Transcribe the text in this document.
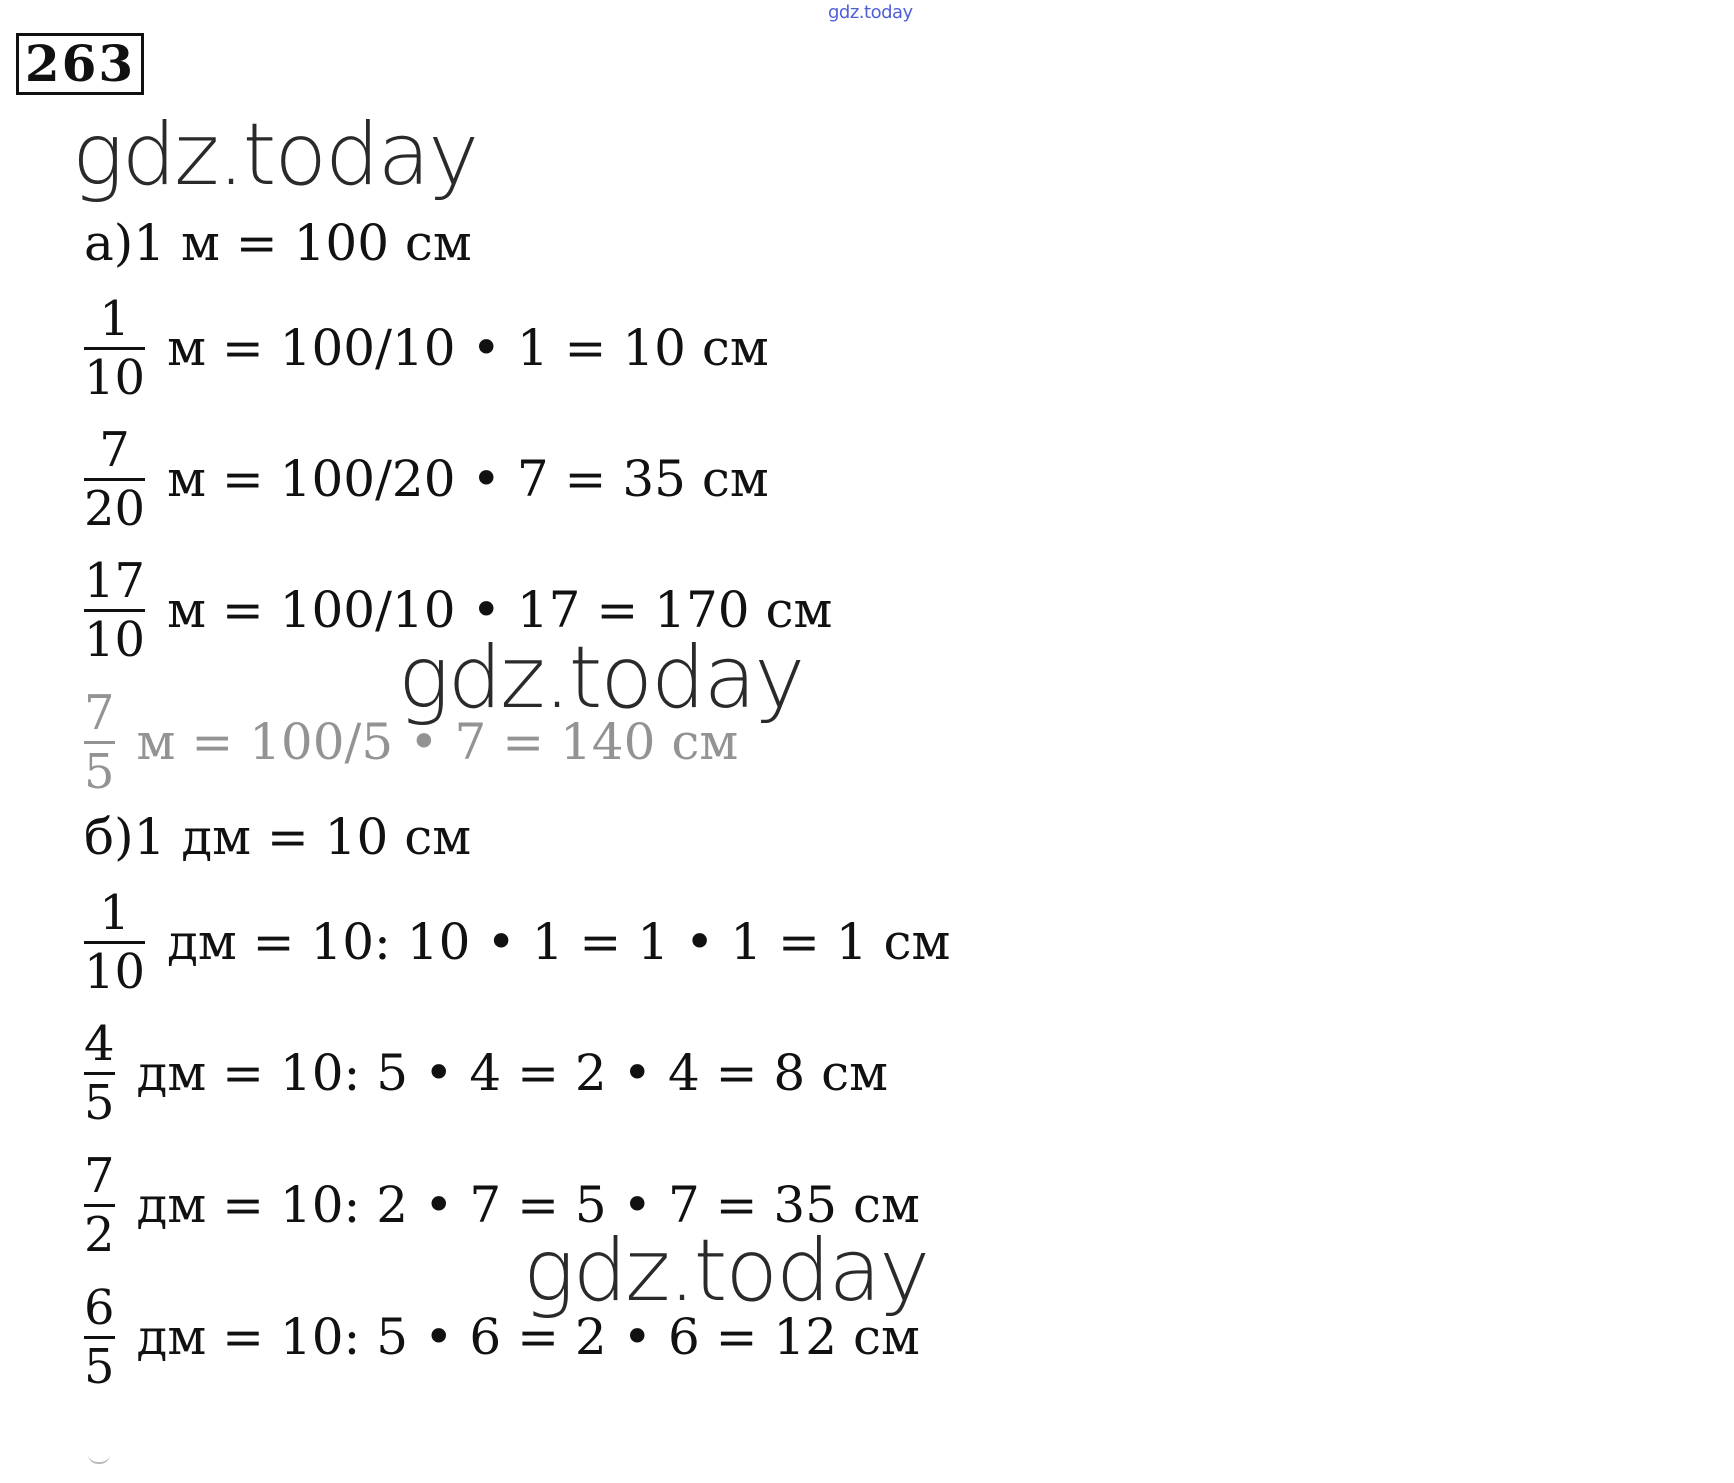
gdz.today
263
gdz.today
а)1 м = 100 см
$\frac{1}{10}$ м = 100/10 • 1 = 10 см
$\frac{7}{20}$ м = 100/20 • 7 = 35 см
$\frac{17}{10}$ м = 100/10 • 17 = 170 см
$\frac{7}{5}$ м = 100/5 • 7 = 140 см
gdz.today
б)1 дм = 10 см
$\frac{1}{10}$ дм = 10: 10 • 1 = 1 • 1 = 1 см
$\frac{4}{5}$ дм = 10: 5 • 4 = 2 • 4 = 8 см
$\frac{7}{2}$ дм = 10: 2 • 7 = 5 • 7 = 35 см
gdz.today
$\frac{6}{5}$ дм = 10: 5 • 6 = 2 • 6 = 12 см
